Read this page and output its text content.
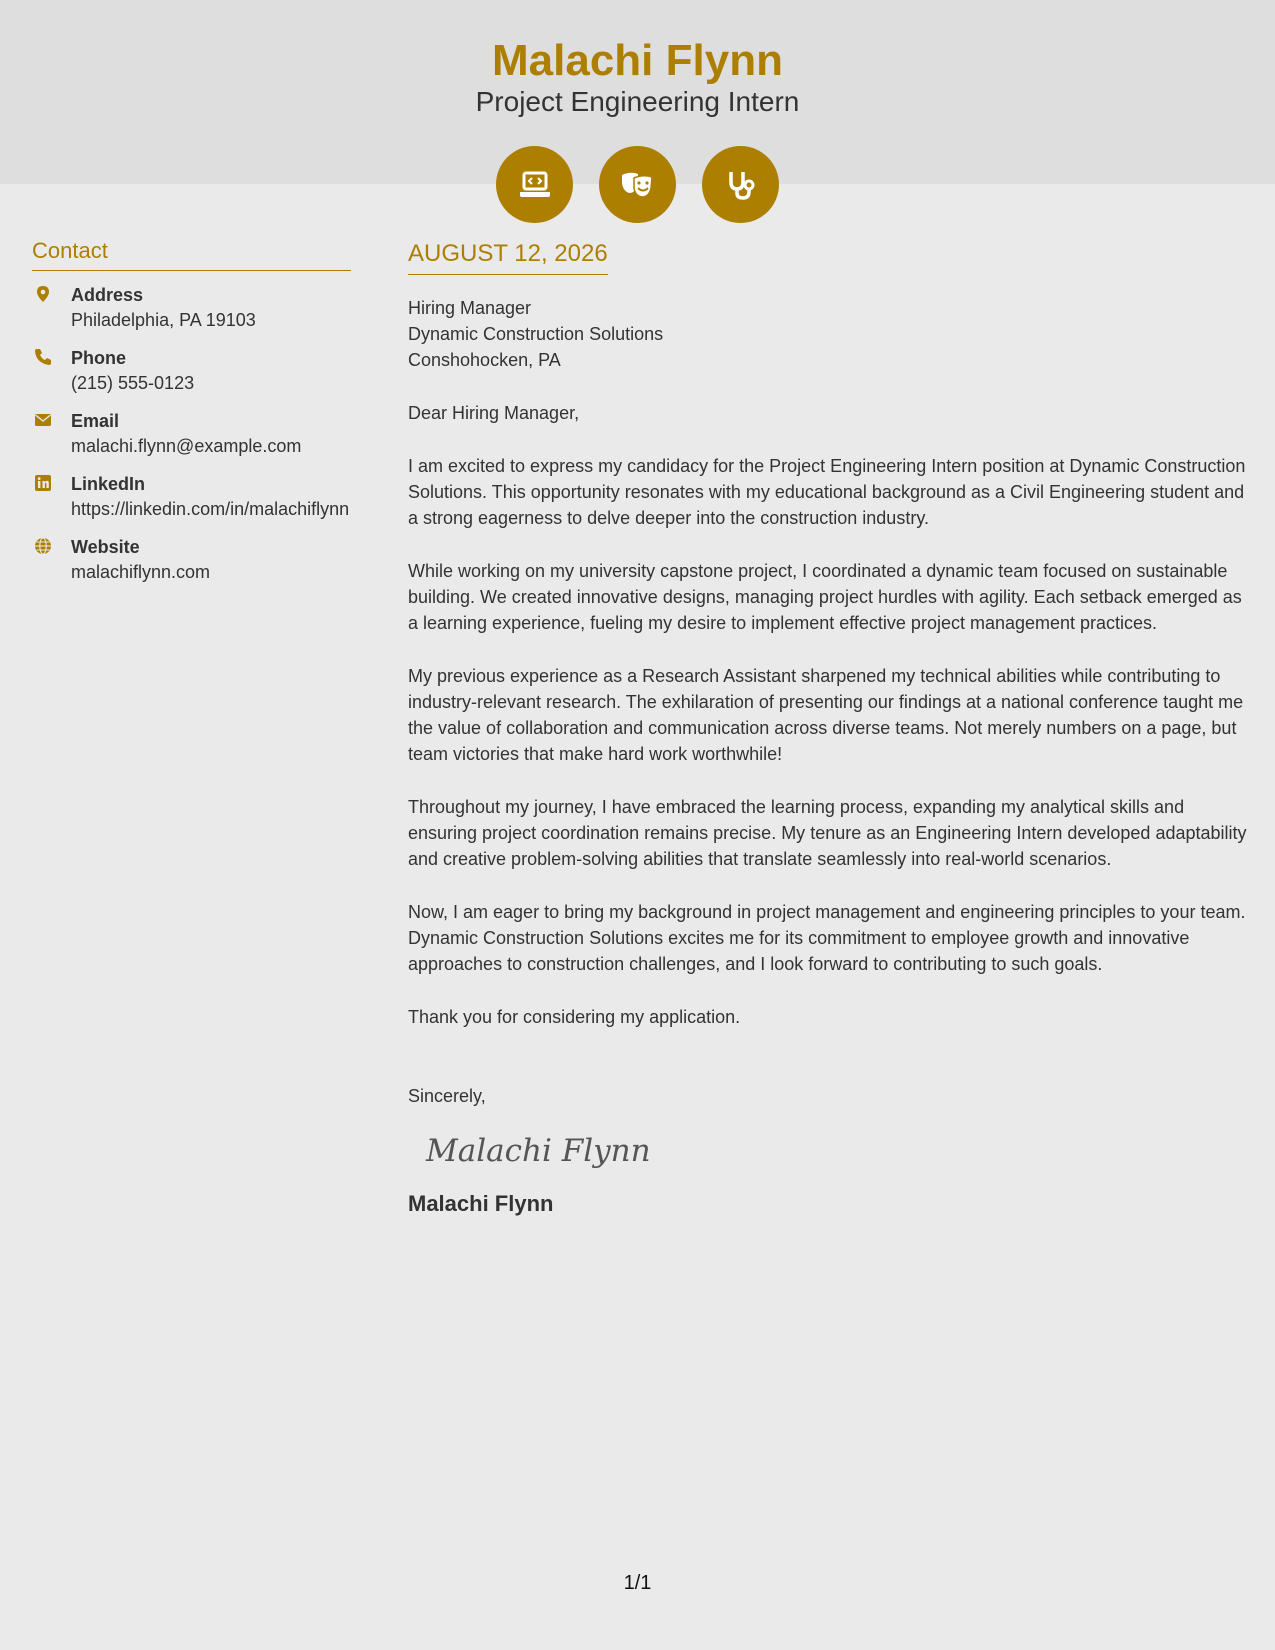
Malachi Flynn
Project Engineering Intern
Contact
Address
Philadelphia, PA 19103
Phone
(215) 555-0123
Email
malachi.flynn@example.com
LinkedIn
https://linkedin.com/in/malachiflynn
Website
malachiflynn.com
AUGUST 12, 2026
Hiring Manager
Dynamic Construction Solutions
Conshohocken, PA
Dear Hiring Manager,
I am excited to express my candidacy for the Project Engineering Intern position at Dynamic Construction Solutions. This opportunity resonates with my educational background as a Civil Engineering student and a strong eagerness to delve deeper into the construction industry.
While working on my university capstone project, I coordinated a dynamic team focused on sustainable building. We created innovative designs, managing project hurdles with agility. Each setback emerged as a learning experience, fueling my desire to implement effective project management practices.
My previous experience as a Research Assistant sharpened my technical abilities while contributing to industry-relevant research. The exhilaration of presenting our findings at a national conference taught me the value of collaboration and communication across diverse teams. Not merely numbers on a page, but team victories that make hard work worthwhile!
Throughout my journey, I have embraced the learning process, expanding my analytical skills and ensuring project coordination remains precise. My tenure as an Engineering Intern developed adaptability and creative problem-solving abilities that translate seamlessly into real-world scenarios.
Now, I am eager to bring my background in project management and engineering principles to your team. Dynamic Construction Solutions excites me for its commitment to employee growth and innovative approaches to construction challenges, and I look forward to contributing to such goals.
Thank you for considering my application.
Sincerely,
Malachi Flynn
Malachi Flynn
1/1
